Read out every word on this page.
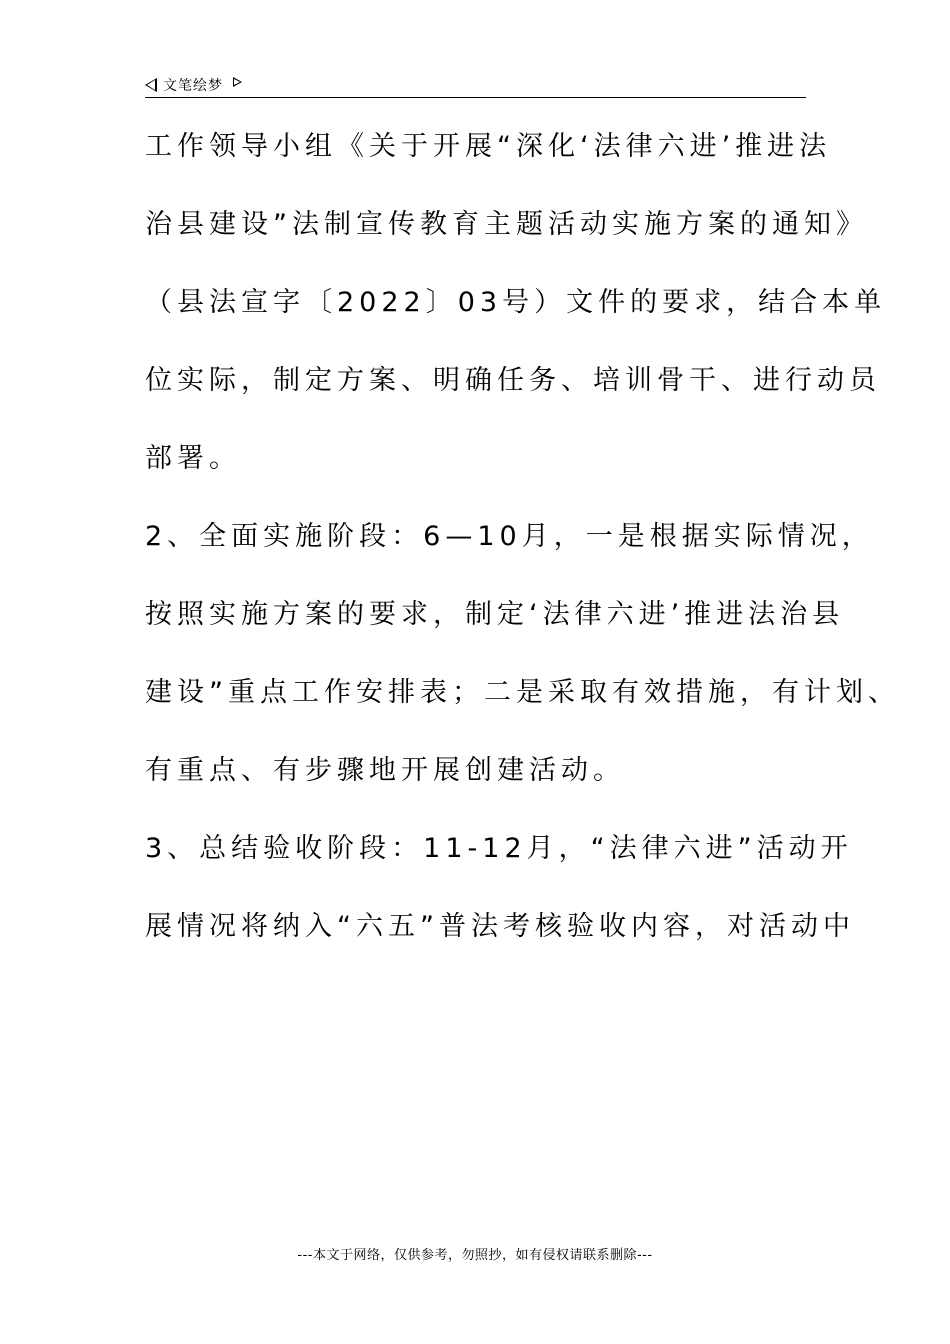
文笔绘梦
工作领导小组《关于开展“深化‘法律六进’推进法
治县建设”法制宣传教育主题活动实施方案的通知》
（县法宣字〔2022〕03号）文件的要求，结合本单
位实际，制定方案、明确任务、培训骨干、进行动员
部署。
2、全面实施阶段：6—10月，一是根据实际情况，
按照实施方案的要求，制定‘法律六进’推进法治县
建设”重点工作安排表；二是采取有效措施，有计划、
有重点、有步骤地开展创建活动。
3、总结验收阶段：11-12月，“法律六进”活动开
展情况将纳入“六五”普法考核验收内容，对活动中
---本文于网络，仅供参考，勿照抄，如有侵权请联系删除---
